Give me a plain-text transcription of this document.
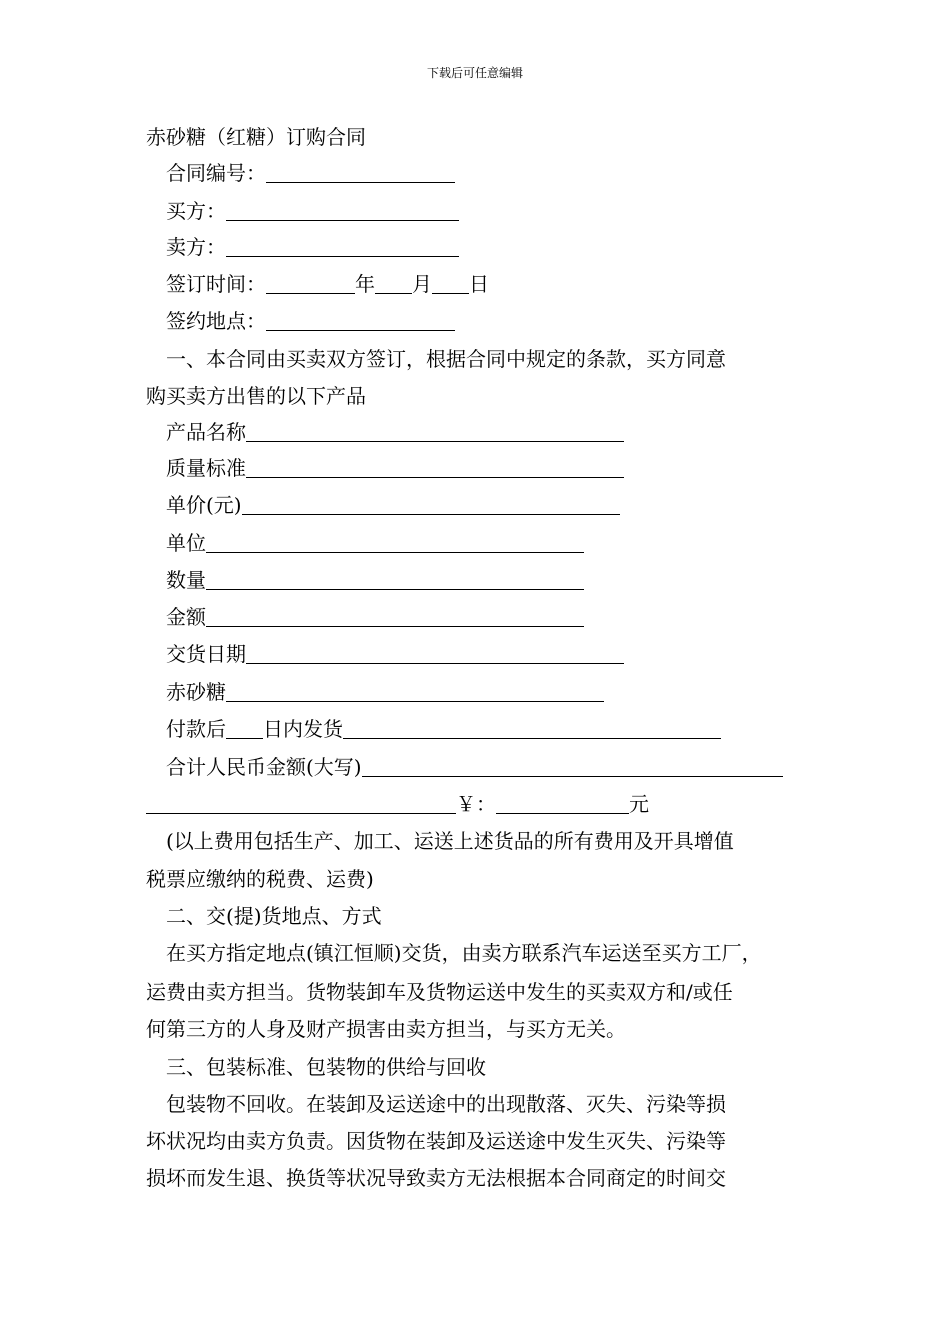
下载后可任意编辑
赤砂糖（红糖）订购合同
合同编号：
买方：
卖方：
签订时间：	年 月 日
签约地点：
一、本合同由买卖双方签订，根据合同中规定的条款，买方同意
购买卖方出售的以下产品
产品名称
质量标准
单价(元)
单位
数量
金额
交货日期
赤砂糖
付款后 日内发货
合计人民币金额(大写)
￥：	元
(以上费用包括生产、加工、运送上述货品的所有费用及开具增值
税票应缴纳的税费、运费)
二、交(提)货地点、方式
在买方指定地点(镇江恒顺)交货，由卖方联系汽车运送至买方工厂，
运费由卖方担当。货物装卸车及货物运送中发生的买卖双方和/或任
何第三方的人身及财产损害由卖方担当，与买方无关。
三、包装标准、包装物的供给与回收
包装物不回收。在装卸及运送途中的出现散落、灭失、污染等损
坏状况均由卖方负责。因货物在装卸及运送途中发生灭失、污染等
损坏而发生退、换货等状况导致卖方无法根据本合同商定的时间交
